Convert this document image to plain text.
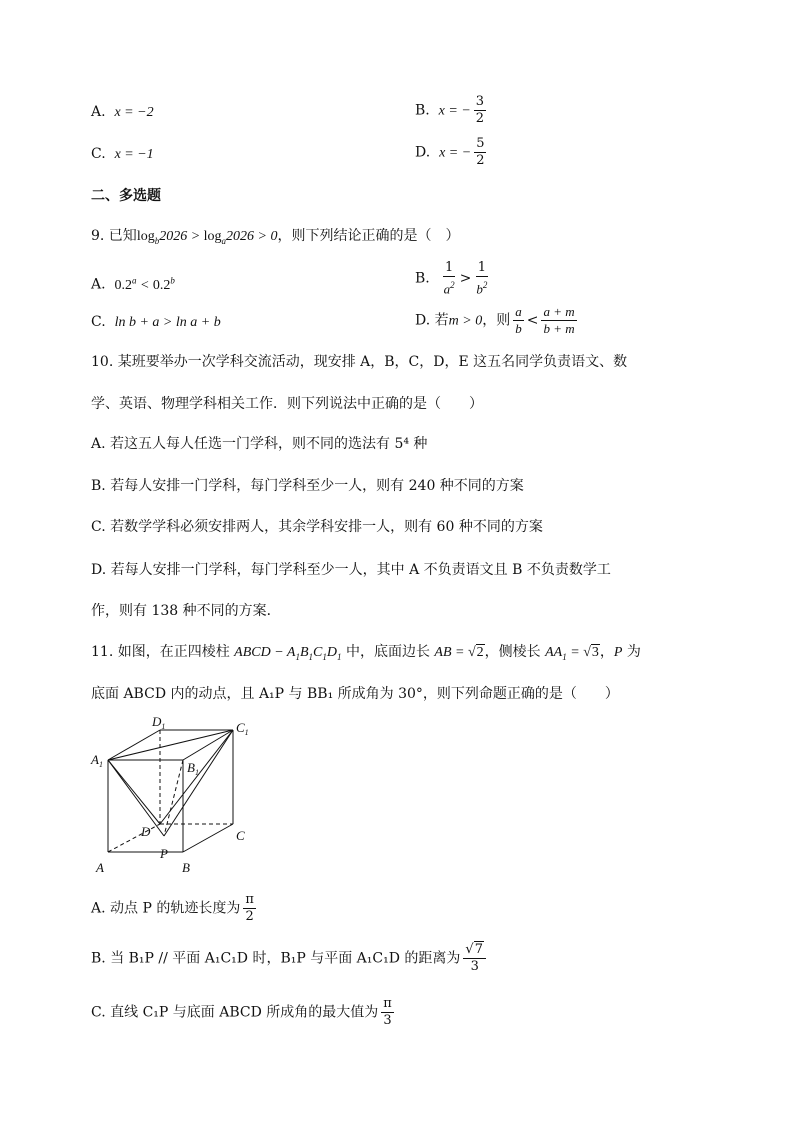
A. x = −2	B. x = − $\frac{3}{2}$
C. x = −1	D. x = − $\frac{5}{2}$
二、多选题
9. 已知$\log_b2026 > \log_a2026 > 0$，则下列结论正确的是（　）
A. 0.2$^a$ < 0.2$^b$	B. $\frac{1}{a^2} > \frac{1}{b^2}$
C. ln b + a > ln a + b	D. 若m > 0，则 $\frac{a}{b} < \frac{a + m}{b + m}$
10. 某班要举办一次学科交流活动，现安排 A，B，C，D，E 这五名同学负责语文、数
学、英语、物理学科相关工作．则下列说法中正确的是（　　）
A. 若这五人每人任选一门学科，则不同的选法有 5⁴ 种
B. 若每人安排一门学科，每门学科至少一人，则有 240 种不同的方案
C. 若数学学科必须安排两人，其余学科安排一人，则有 60 种不同的方案
D. 若每人安排一门学科，每门学科至少一人，其中 A 不负责语文且 B 不负责数学工
作，则有 138 种不同的方案．
11. 如图，在正四棱柱 ABCD − $A_1B_1C_1D_1$ 中，底面边长 AB = √2，侧棱长 $AA_1 = √3$，P 为
底面 ABCD 内的动点，且 A₁P 与 BB₁ 所成角为 30°，则下列命题正确的是（　　）
$D_1$	$C_1$
$A_1$	$B_1$
D	C
A	B
P
A. 动点 P 的轨迹长度为 $\frac{\pi}{2}$
B. 当 B₁P // 平面 A₁C₁D 时，B₁P 与平面 A₁C₁D 的距离为 $\frac{√7}{3}$
C. 直线 C₁P 与底面 ABCD 所成角的最大值为 $\frac{\pi}{3}$
